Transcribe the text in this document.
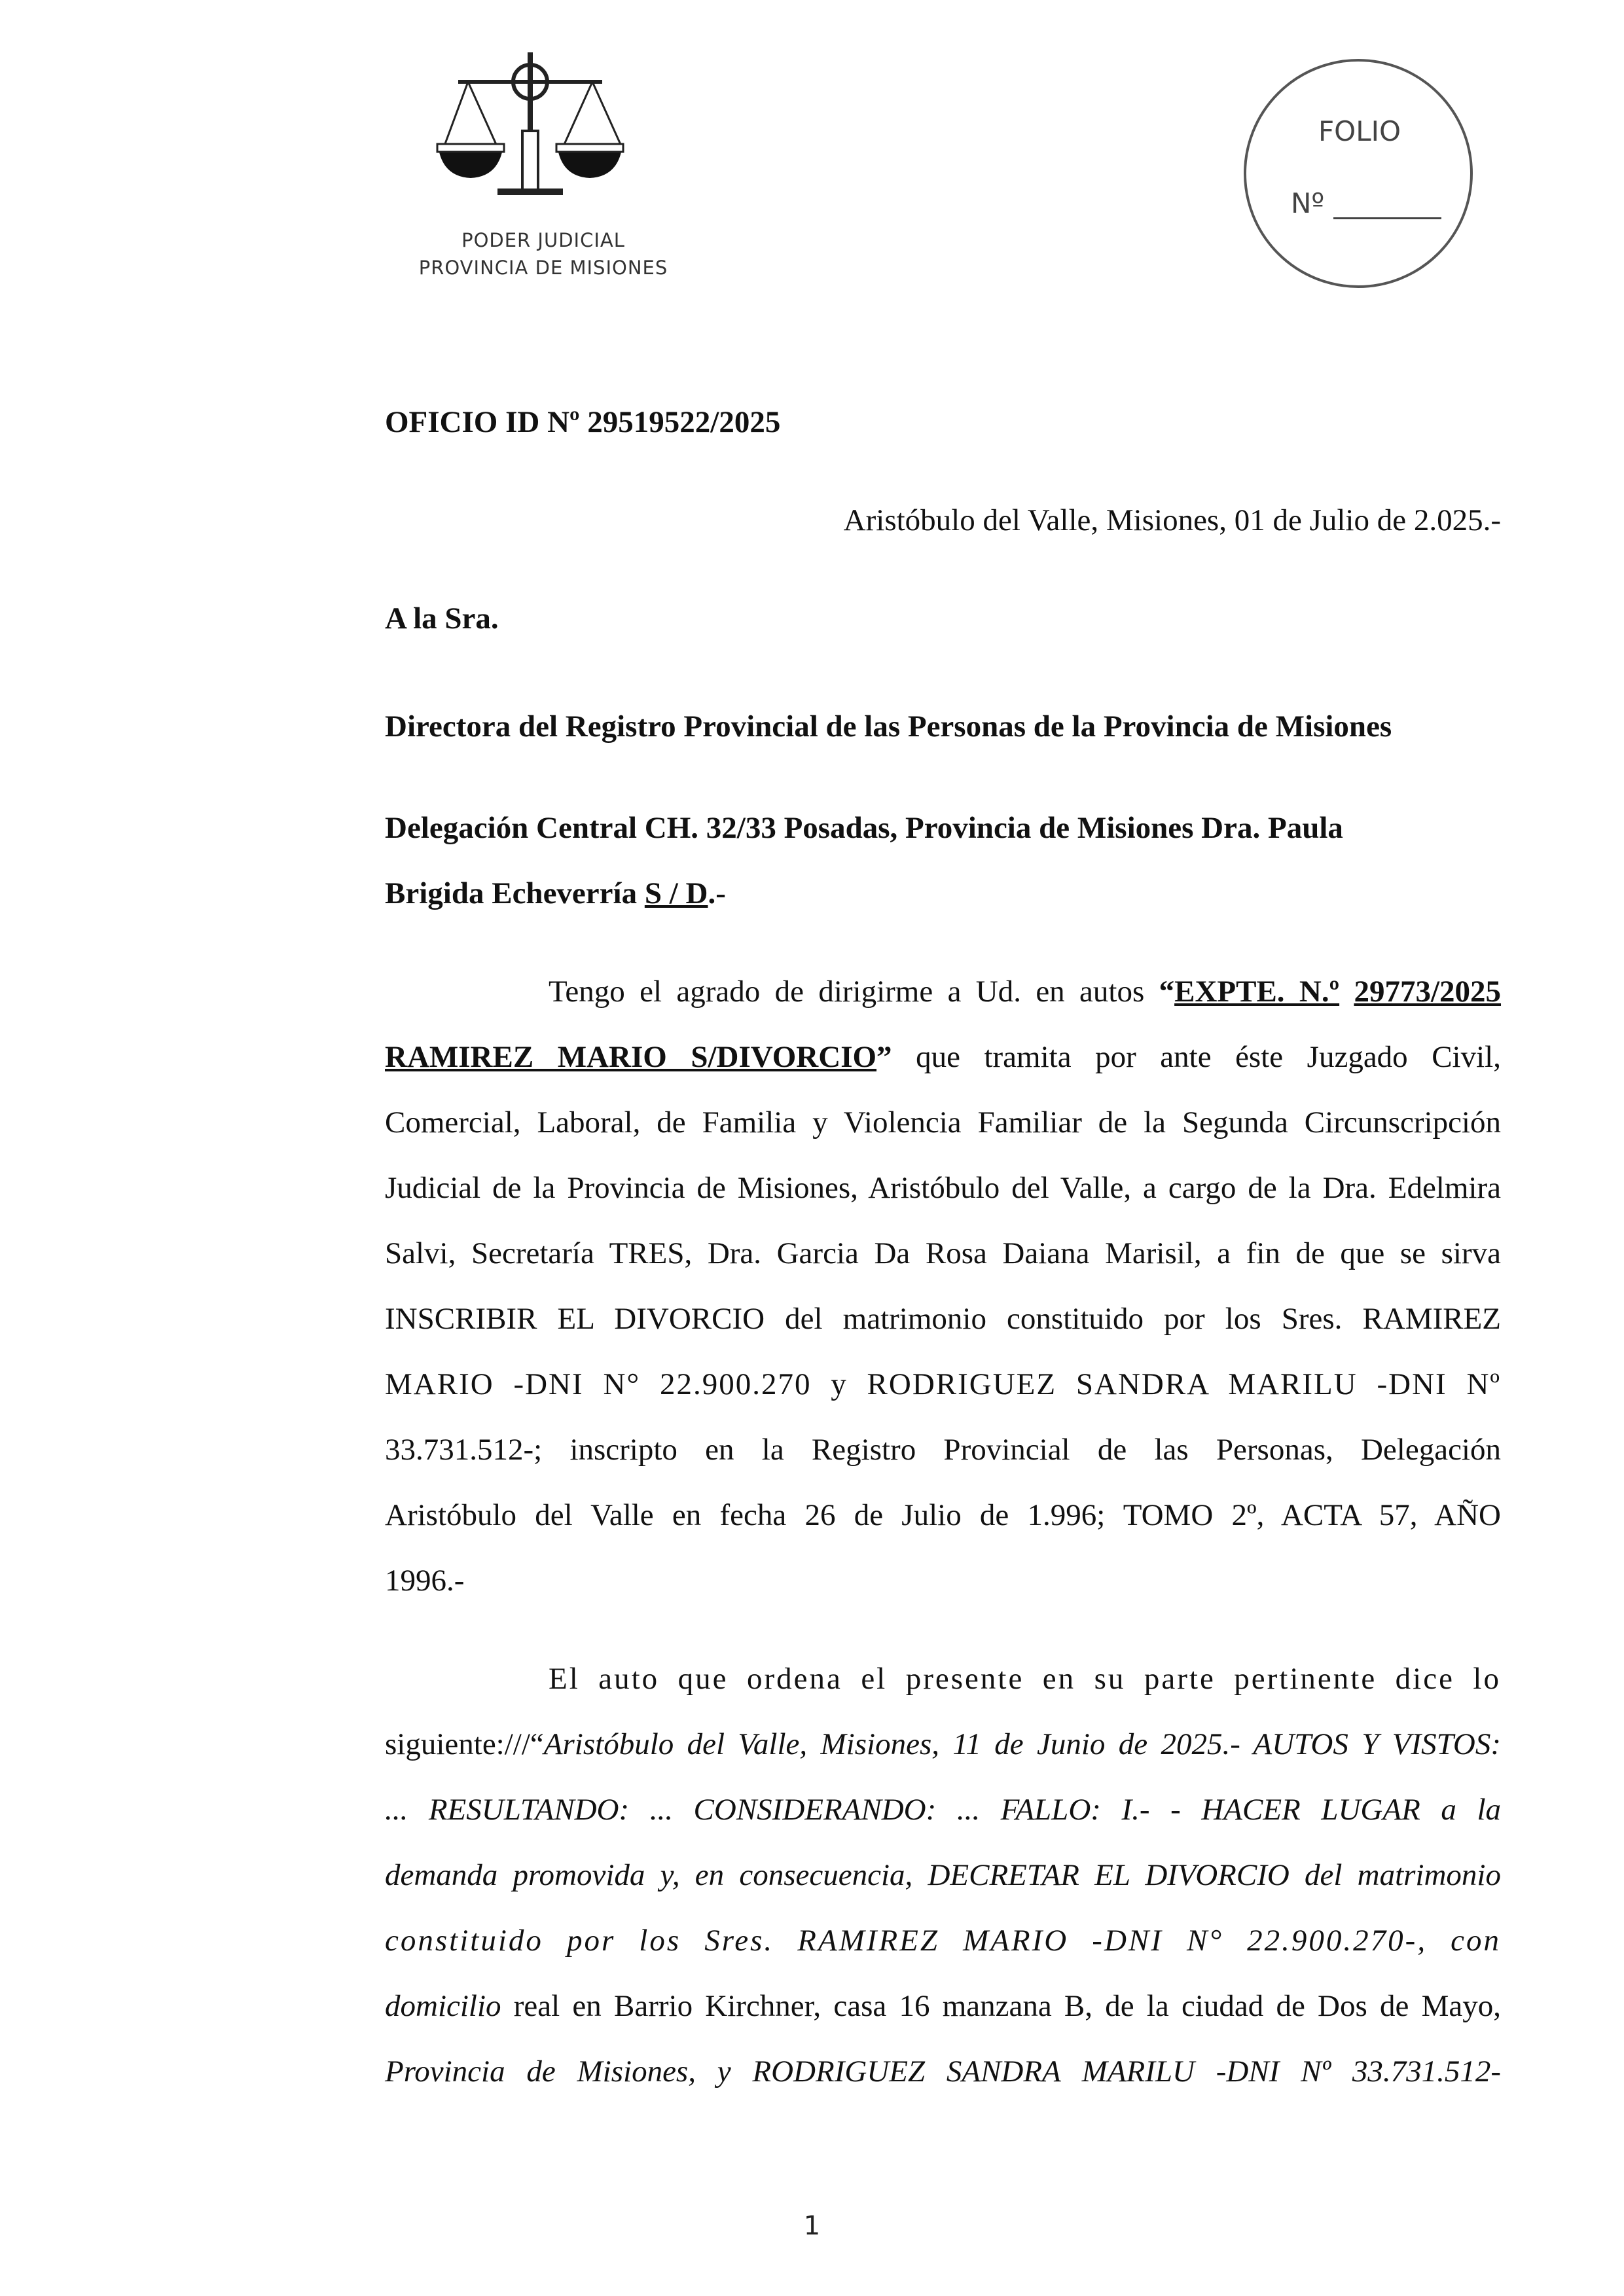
PODER JUDICIAL
PROVINCIA DE MISIONES
FOLIO
Nº
OFICIO ID Nº 29519522/2025
Aristóbulo del Valle, Misiones, 01 de Julio de 2.025.-
A la Sra.
Directora del Registro Provincial de las Personas de la Provincia de Misiones
Delegación Central CH. 32/33 Posadas, Provincia de Misiones Dra. Paula
Brigida Echeverría S / D.-
Tengo el agrado de dirigirme a Ud. en autos “EXPTE. N.º 29773/2025
RAMIREZ MARIO S/DIVORCIO” que tramita por ante éste Juzgado Civil,
Comercial, Laboral, de Familia y Violencia Familiar de la Segunda Circunscripción
Judicial de la Provincia de Misiones, Aristóbulo del Valle, a cargo de la Dra. Edelmira
Salvi, Secretaría TRES, Dra. Garcia Da Rosa Daiana Marisil, a fin de que se sirva
INSCRIBIR EL DIVORCIO del matrimonio constituido por los Sres. RAMIREZ
MARIO -DNI N° 22.900.270 y RODRIGUEZ SANDRA MARILU -DNI Nº
33.731.512-; inscripto en la Registro Provincial de las Personas, Delegación
Aristóbulo del Valle en fecha 26 de Julio de 1.996; TOMO 2º, ACTA 57, AÑO
1996.-
El auto que ordena el presente en su parte pertinente dice lo
siguiente:///“Aristóbulo del Valle, Misiones, 11 de Junio de 2025.- AUTOS Y VISTOS:
... RESULTANDO: ... CONSIDERANDO: ... FALLO: I.- - HACER LUGAR a la
demanda promovida y, en consecuencia, DECRETAR EL DIVORCIO del matrimonio
constituido por los Sres. RAMIREZ MARIO -DNI N° 22.900.270-, con
domicilio real en Barrio Kirchner, casa 16 manzana B, de la ciudad de Dos de Mayo,
Provincia de Misiones, y RODRIGUEZ SANDRA MARILU -DNI Nº 33.731.512-
1
